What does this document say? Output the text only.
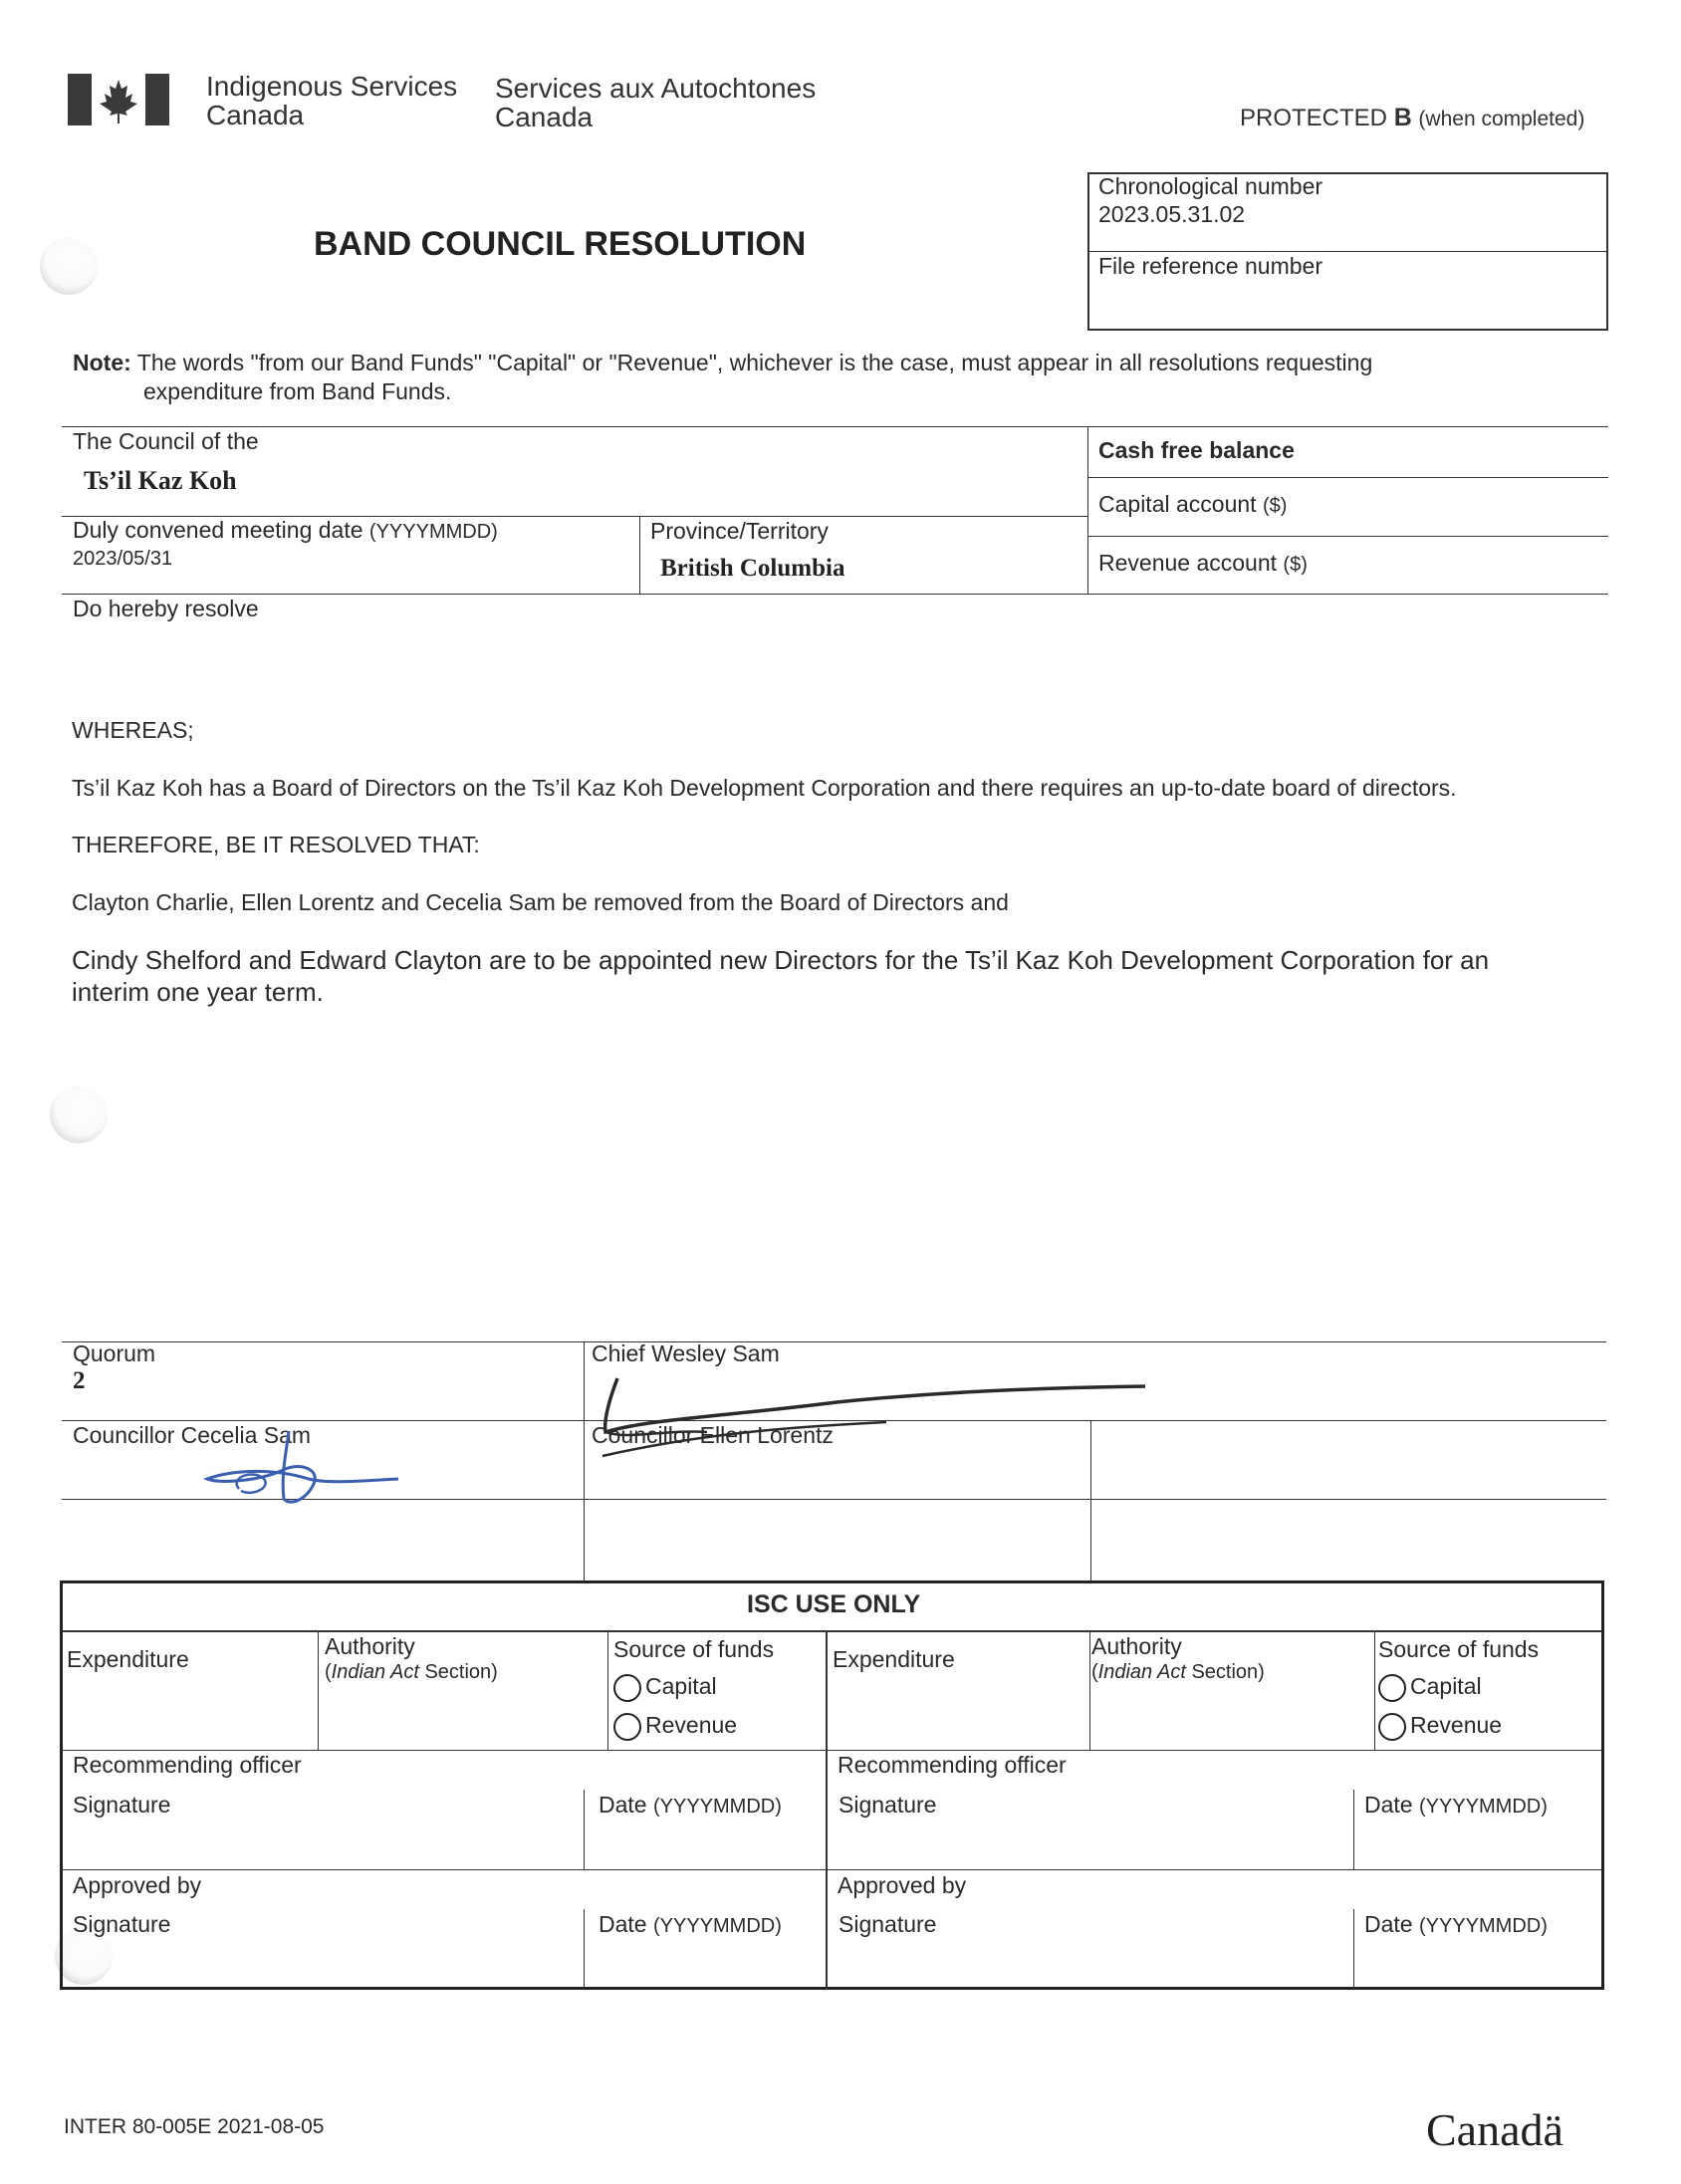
Indigenous Services
Canada
Services aux Autochtones
Canada	PROTECTED B (when completed)
BAND COUNCIL RESOLUTION
Chronological number
2023.05.31.02
File reference number
Note: The words "from our Band Funds" "Capital" or "Revenue", whichever is the case, must appear in all resolutions requesting
expenditure from Band Funds.
The Council of the
Ts’il Kaz Koh
Cash free balance
Capital account ($)
Revenue account ($)
Duly convened meeting date (YYYYMMDD)
2023/05/31
Province/Territory
British Columbia
Do hereby resolve
WHEREAS;
Ts’il Kaz Koh has a Board of Directors on the Ts’il Kaz Koh Development Corporation and there requires an up-to-date board of directors.
THEREFORE, BE IT RESOLVED THAT:
Clayton Charlie, Ellen Lorentz and Cecelia Sam be removed from the Board of Directors and
Cindy Shelford and Edward Clayton are to be appointed new Directors for the Ts’il Kaz Koh Development Corporation for an
interim one year term.
Quorum
2
Chief Wesley Sam
Councillor Cecelia Sam	Councillor Ellen Lorentz
ISC USE ONLY
Expenditure	Authority
(Indian Act Section)
Source of funds
Capital
Revenue
Recommending officer
Signature	Date (YYYYMMDD)
Approved by
Signature	Date (YYYYMMDD)
Expenditure	Authority
(Indian Act Section)
Source of funds
Capital
Revenue
Recommending officer
Signature	Date (YYYYMMDD)
Approved by
Signature	Date (YYYYMMDD)
INTER 80-005E 2021-08-05	Canadä
